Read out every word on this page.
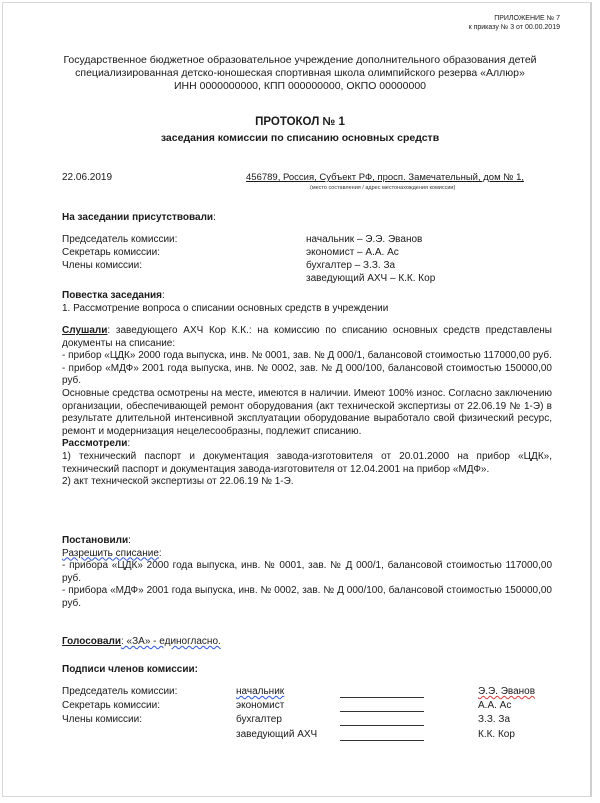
ПРИЛОЖЕНИЕ № 7
к приказу № 3 от 00.00.2019
Государственное бюджетное образовательное учреждение дополнительного образования детей
специализированная детско-юношеская спортивная школа олимпийского резерва «Аллюр»
ИНН 0000000000, КПП 000000000, ОКПО 00000000
ПРОТОКОЛ № 1
заседания комиссии по списанию основных средств
22.06.2019	456789, Россия, Субъект РФ, просп. Замечательный, дом № 1,
(место составления / адрес местонахождения комиссии)
На заседании присутствовали:
Председатель комиссии:	начальник – Э.Э. Эванов
Секретарь комиссии:	экономист – А.А. Ас
Члены комиссии:	бухгалтер – З.З. За
заведующий АХЧ – К.К. Кор
Повестка заседания:
1. Рассмотрение вопроса о списании основных средств в учреждении

Слушали: заведующего АХЧ Кор К.К.: на комиссию по списанию основных средств представлены документы на списание:

- прибор «ЦДК» 2000 года выпуска, инв. № 0001, зав. № Д 000/1, балансовой стоимостью 117000,00 руб.

- прибор «МДФ» 2001 года выпуска, инв. № 0002, зав. № Д 000/100, балансовой стоимостью 150000,00 руб.

Основные средства осмотрены на месте, имеются в наличии. Имеют 100% износ. Согласно заключению организации, обеспечивающей ремонт оборудования (акт технической экспертизы от 22.06.19 № 1-Э) в результате длительной интенсивной эксплуатации оборудование выработало свой физический ресурс, ремонт и модернизация нецелесообразны, подлежит списанию.

Рассмотрели:

1) технический паспорт и документация завода-изготовителя от 20.01.2000 на прибор «ЦДК», технический паспорт и документация завода-изготовителя от 12.04.2001 на прибор «МДФ».

2) акт технической экспертизы от 22.06.19 № 1-Э.

Постановили:

Разрешить списание:

- прибора «ЦДК» 2000 года выпуска, инв. № 0001, зав. № Д 000/1, балансовой стоимостью 117000,00 руб.

- прибора «МДФ» 2001 года выпуска, инв. № 0002, зав. № Д 000/100, балансовой стоимостью 150000,00 руб.

Голосовали: «ЗА» - единогласно.
Подписи членов комиссии:
Председатель комиссии:	начальник	Э.Э. Эванов
Секретарь комиссии:	экономист	А.А. Ас
Члены комиссии:	бухгалтер	З.З. За
заведующий АХЧ	К.К. Кор
